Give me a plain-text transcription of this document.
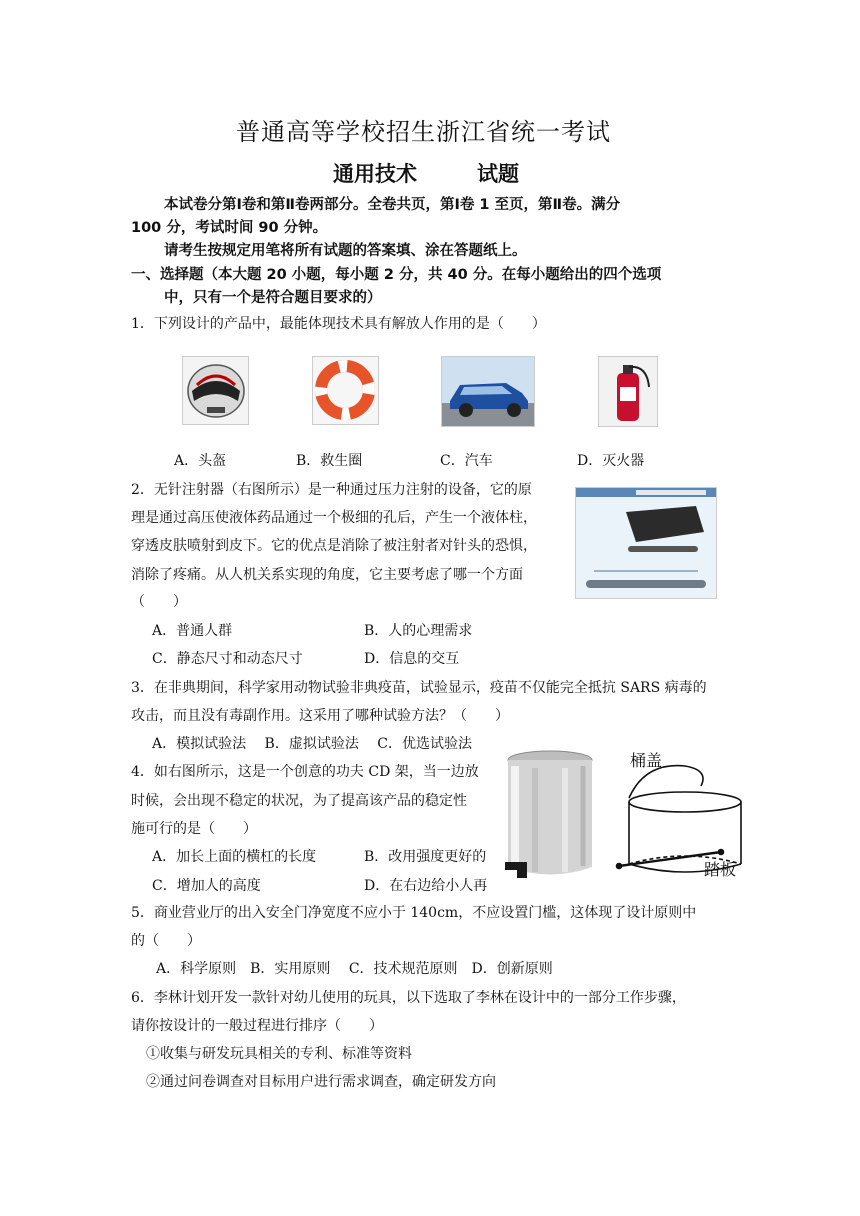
普通高等学校招生浙江省统一考试
通用技术	试题
本试卷分第Ⅰ卷和第Ⅱ卷两部分。全卷共页，第Ⅰ卷 1 至页，第Ⅱ卷。满分
100 分，考试时间 90 分钟。
请考生按规定用笔将所有试题的答案填、涂在答题纸上。
一、选择题（本大题 20 小题，每小题 2 分，共 40 分。在每小题给出的四个选项
中，只有一个是符合题目要求的）
1．下列设计的产品中，最能体现技术具有解放人作用的是（　　）
A．头盔	B．救生圈	C．汽车	D．灭火器
2．无针注射器（右图所示）是一种通过压力注射的设备，它的原
理是通过高压使液体药品通过一个极细的孔后，产生一个液体柱，
穿透皮肤喷射到皮下。它的优点是消除了被注射者对针头的恐惧，
消除了疼痛。从人机关系实现的角度，它主要考虑了哪一个方面
（　　）
A．普通人群	B．人的心理需求
C．静态尺寸和动态尺寸	D．信息的交互
3．在非典期间，科学家用动物试验非典疫苗，试验显示，疫苗不仅能完全抵抗 SARS 病毒的
攻击，而且没有毒副作用。这采用了哪种试验方法？（　　）
A．模拟试验法　 B．虚拟试验法　 C．优选试验法
4．如右图所示，这是一个创意的功夫 CD 架，当一边放
时候，会出现不稳定的状况，为了提高该产品的稳定性
施可行的是（　　）
A．加长上面的横杠的长度	B．改用强度更好的
C．增加人的高度	D．在右边给小人再
桶盖
踏板
5．商业营业厅的出入安全门净宽度不应小于 140cm，不应设置门槛，这体现了设计原则中
的（　　）
A．科学原则　B．实用原则　 C．技术规范原则　D．创新原则
6．李林计划开发一款针对幼儿使用的玩具，以下选取了李林在设计中的一部分工作步骤，
请你按设计的一般过程进行排序（　　）
①收集与研发玩具相关的专利、标准等资料
②通过问卷调查对目标用户进行需求调查，确定研发方向
